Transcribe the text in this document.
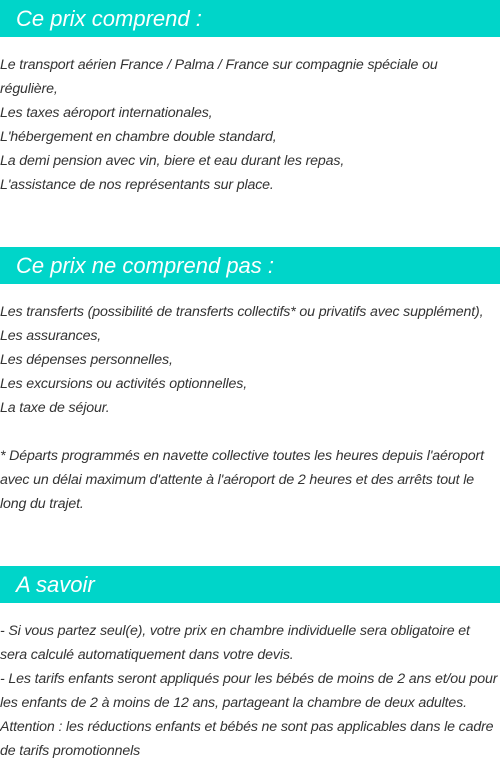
Ce prix comprend :
Le transport aérien France / Palma / France sur compagnie spéciale ou
régulière,
Les taxes aéroport internationales,
L'hébergement en chambre double standard,
La demi pension avec vin, biere et eau durant les repas,
L'assistance de nos représentants sur place.
Ce prix ne comprend pas :
Les transferts (possibilité de transferts collectifs* ou privatifs avec supplément),
Les assurances,
Les dépenses personnelles,
Les excursions ou activités optionnelles,
La taxe de séjour.
* Départs programmés en navette collective toutes les heures depuis l'aéroport
avec un délai maximum d'attente à l'aéroport de 2 heures et des arrêts tout le
long du trajet.
A savoir
- Si vous partez seul(e), votre prix en chambre individuelle sera obligatoire et
sera calculé automatiquement dans votre devis.
- Les tarifs enfants seront appliqués pour les bébés de moins de 2 ans et/ou pour
les enfants de 2 à moins de 12 ans, partageant la chambre de deux adultes.
Attention : les réductions enfants et bébés ne sont pas applicables dans le cadre
de tarifs promotionnels
